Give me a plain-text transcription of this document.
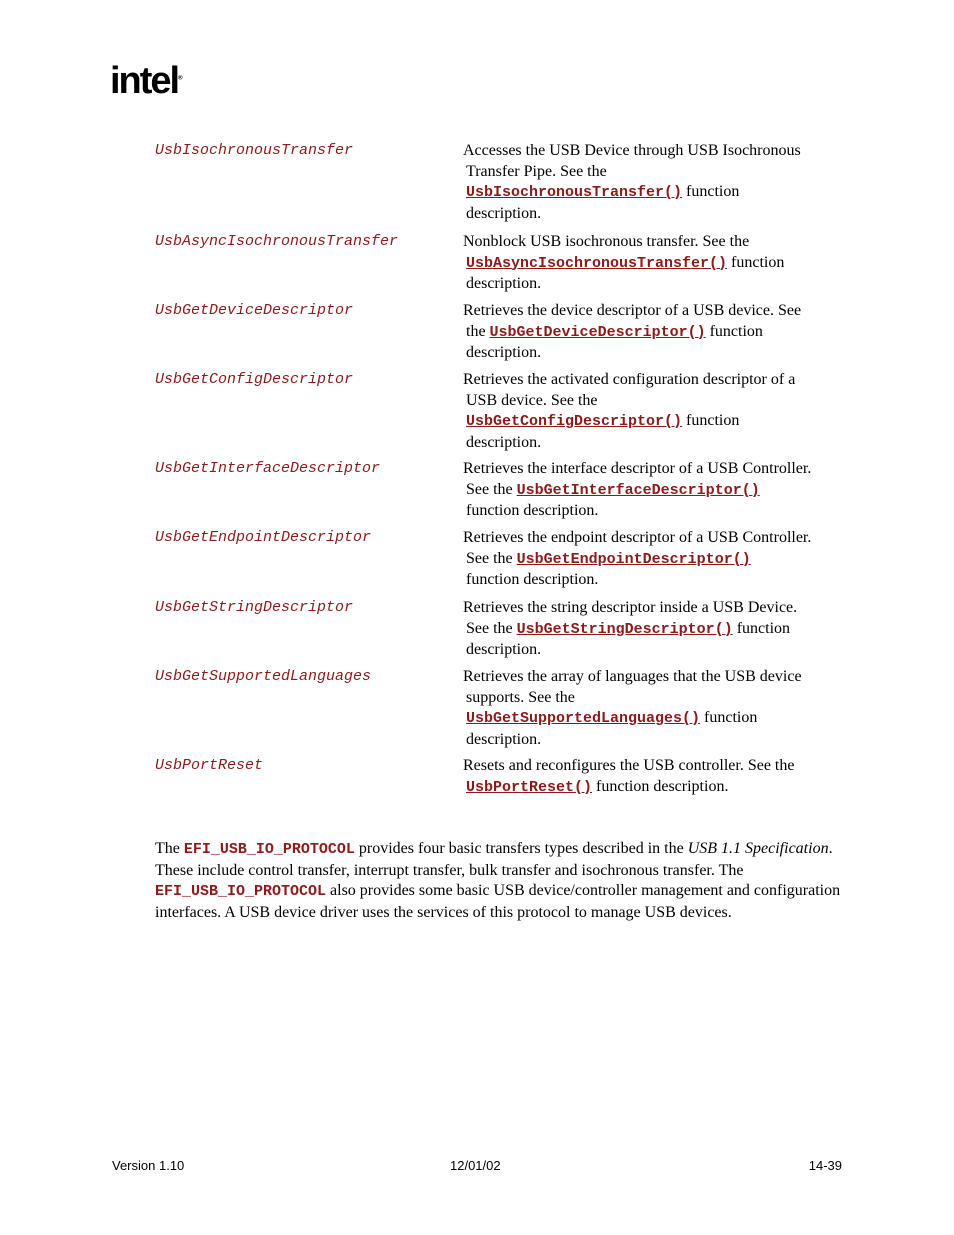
intel®
UsbIsochronousTransfer	Accesses the USB Device through USB Isochronous
Transfer Pipe. See the
UsbIsochronousTransfer() function
description.
UsbAsyncIsochronousTransfer	Nonblock USB isochronous transfer. See the
UsbAsyncIsochronousTransfer() function
description.
UsbGetDeviceDescriptor	Retrieves the device descriptor of a USB device. See
the UsbGetDeviceDescriptor() function
description.
UsbGetConfigDescriptor	Retrieves the activated configuration descriptor of a
USB device. See the
UsbGetConfigDescriptor() function
description.
UsbGetInterfaceDescriptor	Retrieves the interface descriptor of a USB Controller.
See the UsbGetInterfaceDescriptor()
function description.
UsbGetEndpointDescriptor	Retrieves the endpoint descriptor of a USB Controller.
See the UsbGetEndpointDescriptor()
function description.
UsbGetStringDescriptor	Retrieves the string descriptor inside a USB Device.
See the UsbGetStringDescriptor() function
description.
UsbGetSupportedLanguages	Retrieves the array of languages that the USB device
supports. See the
UsbGetSupportedLanguages() function
description.
UsbPortReset	Resets and reconfigures the USB controller. See the
UsbPortReset() function description.
The EFI_USB_IO_PROTOCOL provides four basic transfers types described in the USB 1.1 Specification. These include control transfer, interrupt transfer, bulk transfer and isochronous transfer. The EFI_USB_IO_PROTOCOL also provides some basic USB device/controller management and configuration interfaces. A USB device driver uses the services of this protocol to manage USB devices.
Version 1.10	12/01/02	14-39
